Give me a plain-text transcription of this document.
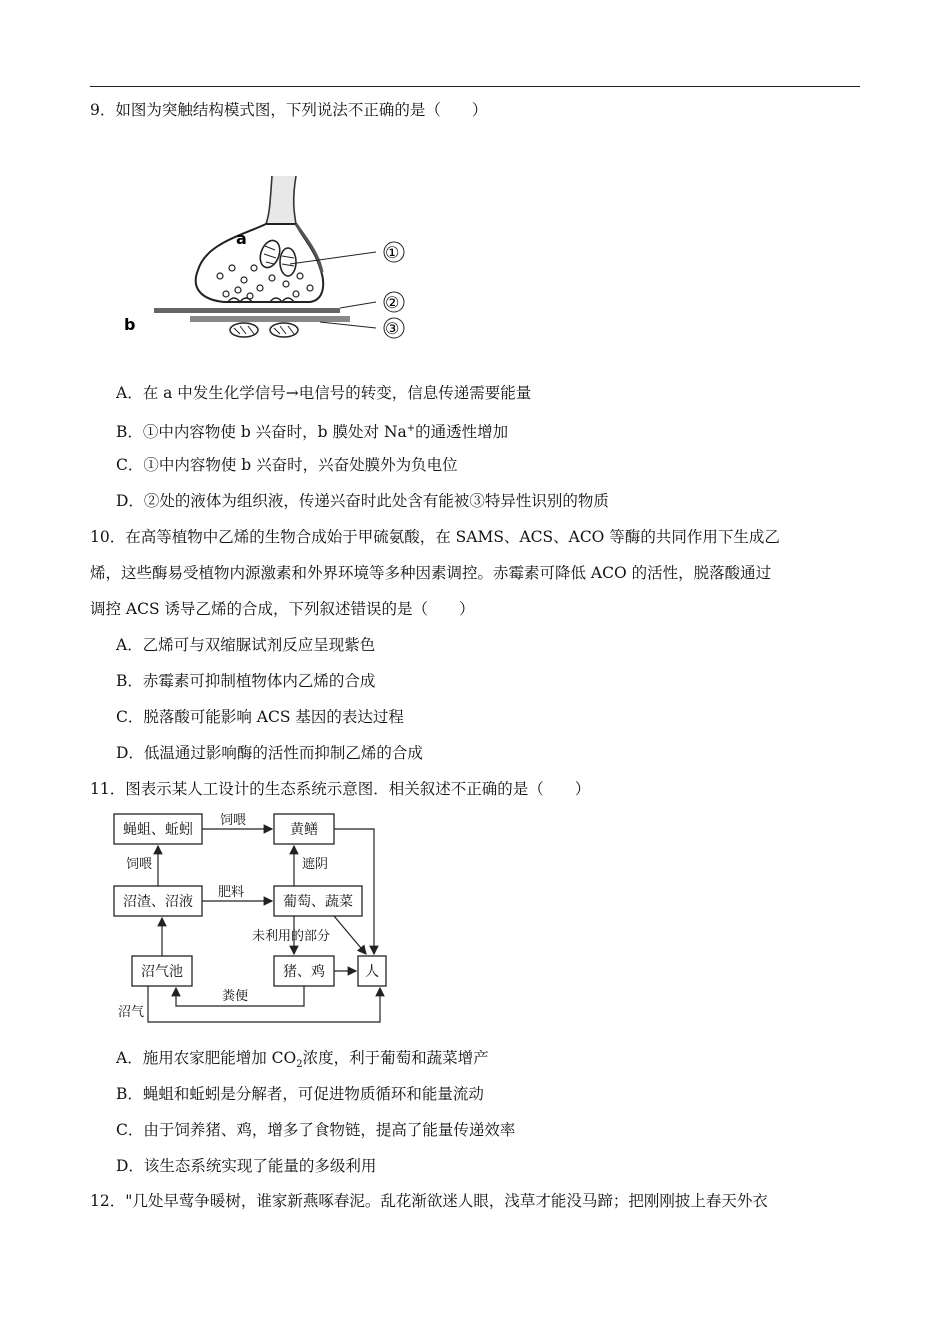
9．如图为突触结构模式图，下列说法不正确的是（　　）
a
b
①
②
③
A．在 a 中发生化学信号→电信号的转变，信息传递需要能量
B．①中内容物使 b 兴奋时，b 膜处对 Na+的通透性增加
C．①中内容物使 b 兴奋时，兴奋处膜外为负电位
D．②处的液体为组织液，传递兴奋时此处含有能被③特异性识别的物质
10．在高等植物中乙烯的生物合成始于甲硫氨酸，在 SAMS、ACS、ACO 等酶的共同作用下生成乙
烯，这些酶易受植物内源激素和外界环境等多种因素调控。赤霉素可降低 ACO 的活性，脱落酸通过
调控 ACS 诱导乙烯的合成，下列叙述错误的是（　　）
A．乙烯可与双缩脲试剂反应呈现紫色
B．赤霉素可抑制植物体内乙烯的合成
C．脱落酸可能影响 ACS 基因的表达过程
D．低温通过影响酶的活性而抑制乙烯的合成
11．图表示某人工设计的生态系统示意图．相关叙述不正确的是（　　）
蝇蛆、蚯蚓	黄鳝
沼渣、沼液	葡萄、蔬菜
沼气池	猪、鸡	人
饲喂
饲喂	遮阴
肥料
未利用的部分
粪便
沼气
A．施用农家肥能增加 $CO_2$浓度，利于葡萄和蔬菜增产
B．蝇蛆和蚯蚓是分解者，可促进物质循环和能量流动
C．由于饲养猪、鸡，增多了食物链，提高了能量传递效率
D．该生态系统实现了能量的多级利用
12．"几处早莺争暖树，谁家新燕啄春泥。乱花渐欲迷人眼，浅草才能没马蹄；把刚刚披上春天外衣
